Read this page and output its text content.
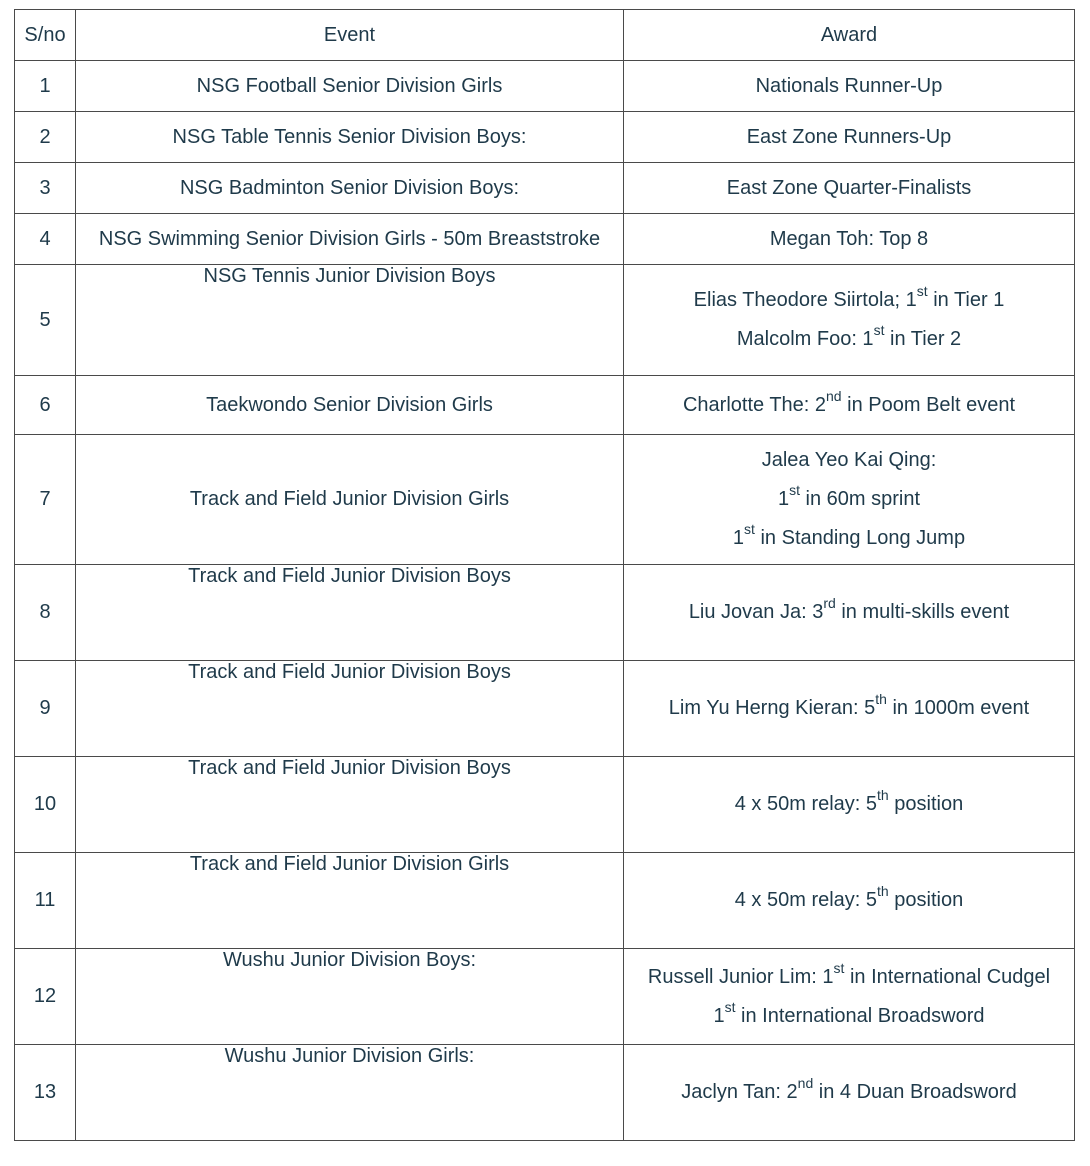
S/no	Event	Award
1	NSG Football Senior Division Girls	Nationals Runner-Up

2	NSG Table Tennis Senior Division Boys:	East Zone Runners-Up

3	NSG Badminton Senior Division Boys:	East Zone Quarter-Finalists

4	NSG Swimming Senior Division Girls - 50m Breaststroke	Megan Toh: Top 8

5	NSG Tennis Junior Division Boys	Elias Theodore Siirtola; 1st in Tier 1
Malcolm Foo: 1st in Tier 2

6	Taekwondo Senior Division Girls	Charlotte The: 2nd in Poom Belt event

7	Track and Field Junior Division Girls	Jalea Yeo Kai Qing:
1st in 60m sprint
1st in Standing Long Jump

8	Track and Field Junior Division Boys	Liu Jovan Ja: 3rd in multi-skills event

9	Track and Field Junior Division Boys	Lim Yu Herng Kieran: 5th in 1000m event

10	Track and Field Junior Division Boys	4 x 50m relay: 5th position

11	Track and Field Junior Division Girls	4 x 50m relay: 5th position

12	Wushu Junior Division Boys:	Russell Junior Lim: 1st in International Cudgel
1st in International Broadsword

13	Wushu Junior Division Girls:	Jaclyn Tan: 2nd in 4 Duan Broadsword
